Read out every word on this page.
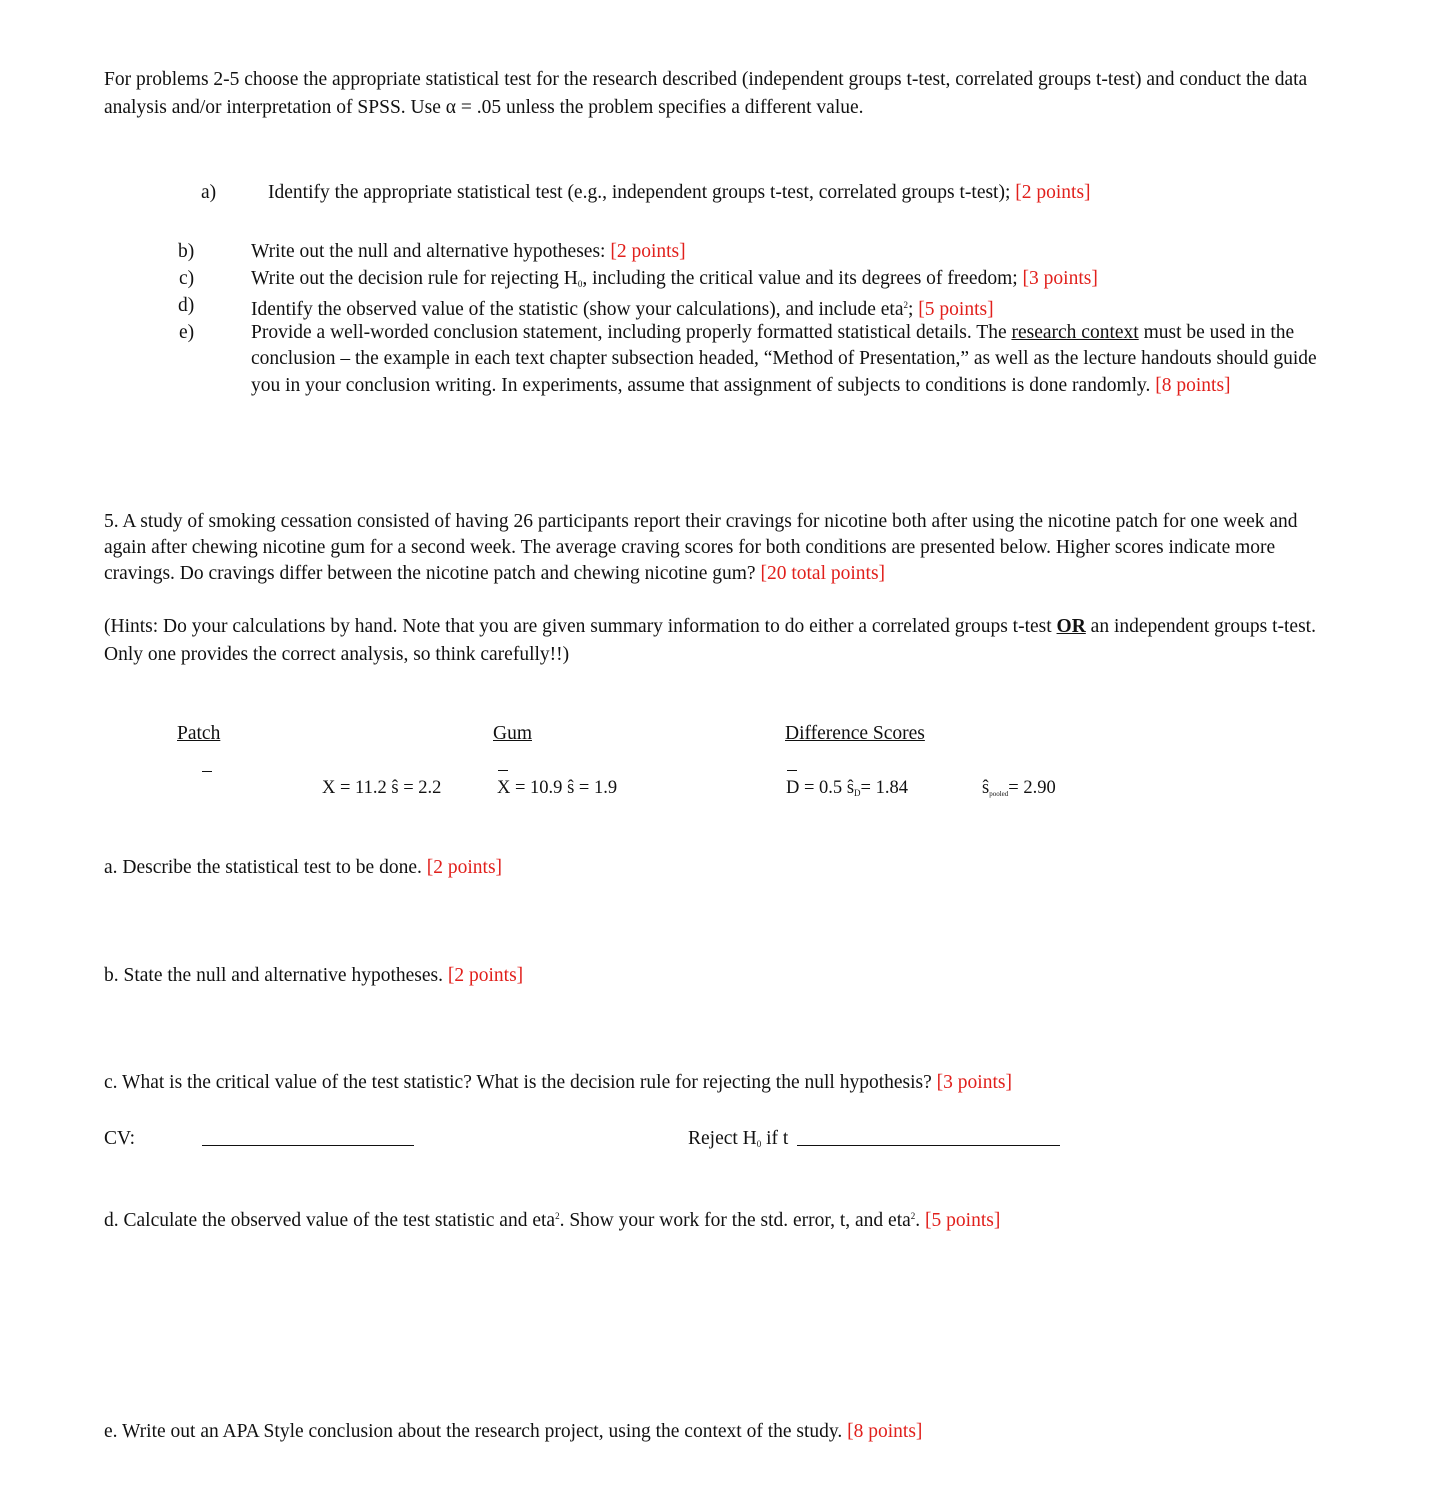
For problems 2-5 choose the appropriate statistical test for the research described (independent groups t-test, correlated groups t-test) and conduct the data
analysis and/or interpretation of SPSS. Use α = .05 unless the problem specifies a different value.
a)	Identify the appropriate statistical test (e.g., independent groups t-test, correlated groups t-test); [2 points]
b)	Write out the null and alternative hypotheses: [2 points]
c)	Write out the decision rule for rejecting $H_0$, including the critical value and its degrees of freedom; [3 points]
d)	Identify the observed value of the statistic (show your calculations), and include eta$^2$; [5 points]
e)	Provide a well-worded conclusion statement, including properly formatted statistical details. The research context must be used in the
conclusion – the example in each text chapter subsection headed, “Method of Presentation,” as well as the lecture handouts should guide
you in your conclusion writing. In experiments, assume that assignment of subjects to conditions is done randomly. [8 points]
5. A study of smoking cessation consisted of having 26 participants report their cravings for nicotine both after using the nicotine patch for one week and
again after chewing nicotine gum for a second week. The average craving scores for both conditions are presented below. Higher scores indicate more
cravings. Do cravings differ between the nicotine patch and chewing nicotine gum? [20 total points]
(Hints: Do your calculations by hand. Note that you are given summary information to do either a correlated groups t-test OR an independent groups t-test.
Only one provides the correct analysis, so think carefully!!)
Patch	Gum	Difference Scores
X = 11.2 ŝ = 2.2	X = 10.9 ŝ = 1.9	D = 0.5 $ŝ_D= 1.84$	$ŝ_{pooled}= 2.90$
a. Describe the statistical test to be done. [2 points]
b. State the null and alternative hypotheses. [2 points]
c. What is the critical value of the test statistic? What is the decision rule for rejecting the null hypothesis? [3 points]
CV:	Reject $H_0$ if t
d. Calculate the observed value of the test statistic and eta$^2$. Show your work for the std. error, t, and eta$^2$. [5 points]
e. Write out an APA Style conclusion about the research project, using the context of the study. [8 points]
